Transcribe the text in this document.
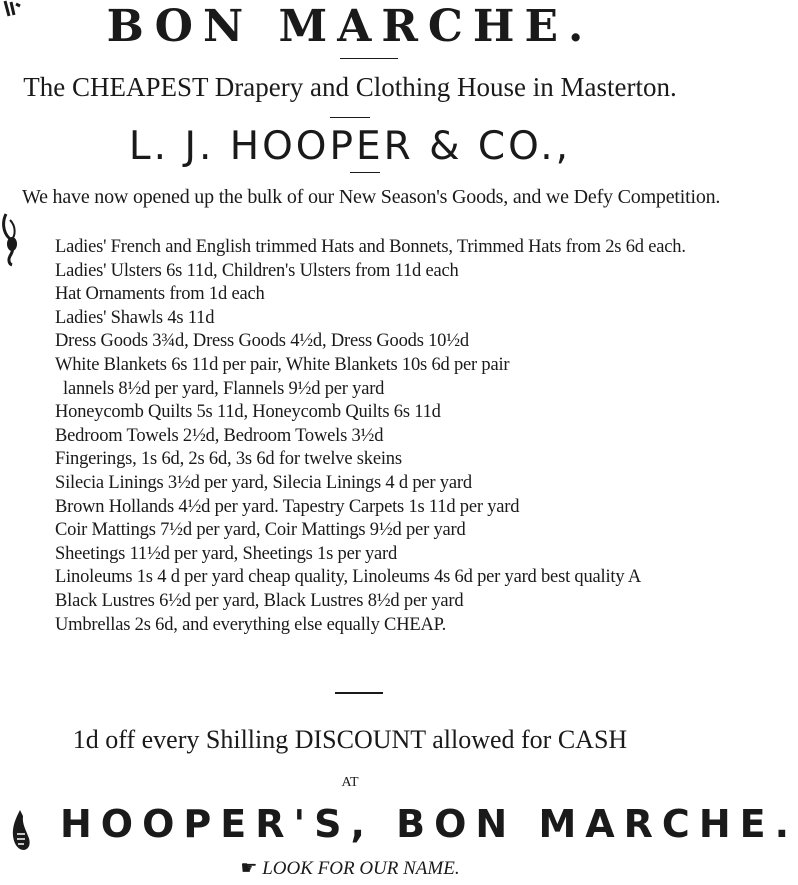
BON MARCHE.
The CHEAPEST Drapery and Clothing House in Masterton.
L. J. HOOPER & CO.,
We have now opened up the bulk of our New Season's Goods, and we Defy Competition.
Ladies' French and English trimmed Hats and Bonnets, Trimmed Hats from 2s 6d each.
Ladies' Ulsters 6s 11d, Children's Ulsters from 11d each
Hat Ornaments from 1d each
Ladies' Shawls 4s 11d
Dress Goods 3¾d, Dress Goods 4½d, Dress Goods 10½d
White Blankets 6s 11d per pair, White Blankets 10s 6d per pair
lannels 8½d per yard, Flannels 9½d per yard
Honeycomb Quilts 5s 11d, Honeycomb Quilts 6s 11d
Bedroom Towels 2½d, Bedroom Towels 3½d
Fingerings, 1s 6d, 2s 6d, 3s 6d for twelve skeins
Silecia Linings 3½d per yard, Silecia Linings 4 d per yard
Brown Hollands 4½d per yard. Tapestry Carpets 1s 11d per yard
Coir Mattings 7½d per yard, Coir Mattings 9½d per yard
Sheetings 11½d per yard, Sheetings 1s per yard
Linoleums 1s 4 d per yard cheap quality, Linoleums 4s 6d per yard best quality A
Black Lustres 6½d per yard, Black Lustres 8½d per yard
Umbrellas 2s 6d, and everything else equally CHEAP.
1d off every Shilling DISCOUNT allowed for CASH
AT
HOOPER'S, BON MARCHE.
☛ LOOK FOR OUR NAME.
